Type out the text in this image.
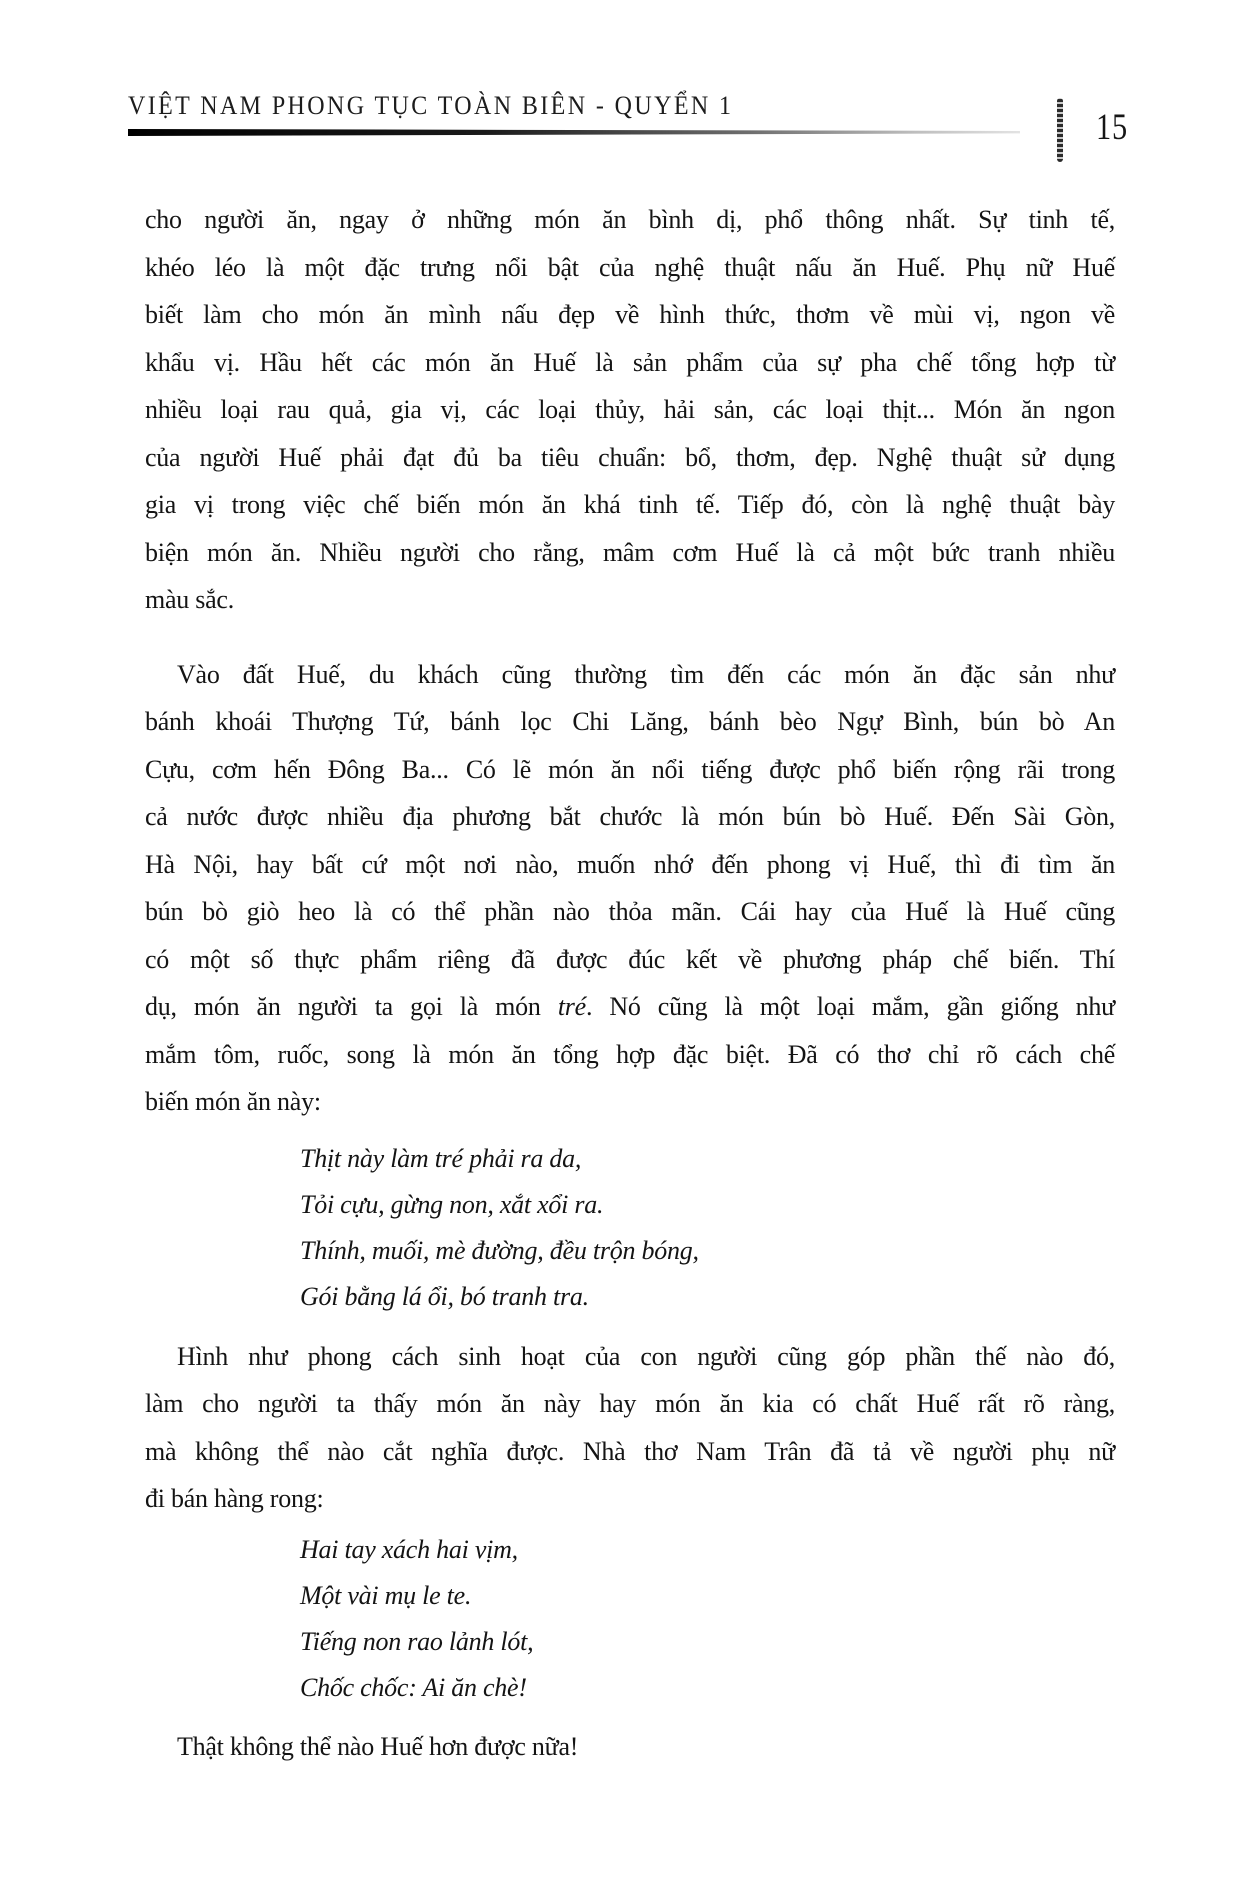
VIỆT NAM PHONG TỤC TOÀN BIÊN - QUYỂN 1
15
cho người ăn, ngay ở những món ăn bình dị, phổ thông nhất. Sự tinh tế,
khéo léo là một đặc trưng nổi bật của nghệ thuật nấu ăn Huế. Phụ nữ Huế
biết làm cho món ăn mình nấu đẹp về hình thức, thơm về mùi vị, ngon về
khẩu vị. Hầu hết các món ăn Huế là sản phẩm của sự pha chế tổng hợp từ
nhiều loại rau quả, gia vị, các loại thủy, hải sản, các loại thịt... Món ăn ngon
của người Huế phải đạt đủ ba tiêu chuẩn: bổ, thơm, đẹp. Nghệ thuật sử dụng
gia vị trong việc chế biến món ăn khá tinh tế. Tiếp đó, còn là nghệ thuật bày
biện món ăn. Nhiều người cho rằng, mâm cơm Huế là cả một bức tranh nhiều
màu sắc.
Vào đất Huế, du khách cũng thường tìm đến các món ăn đặc sản như
bánh khoái Thượng Tứ, bánh lọc Chi Lăng, bánh bèo Ngự Bình, bún bò An
Cựu, cơm hến Đông Ba... Có lẽ món ăn nổi tiếng được phổ biến rộng rãi trong
cả nước được nhiều địa phương bắt chước là món bún bò Huế. Đến Sài Gòn,
Hà Nội, hay bất cứ một nơi nào, muốn nhớ đến phong vị Huế, thì đi tìm ăn
bún bò giò heo là có thể phần nào thỏa mãn. Cái hay của Huế là Huế cũng
có một số thực phẩm riêng đã được đúc kết về phương pháp chế biến. Thí
dụ, món ăn người ta gọi là món tré. Nó cũng là một loại mắm, gần giống như
mắm tôm, ruốc, song là món ăn tổng hợp đặc biệt. Đã có thơ chỉ rõ cách chế
biến món ăn này:
Thịt này làm tré phải ra da,
Tỏi cựu, gừng non, xắt xổi ra.
Thính, muối, mè đường, đều trộn bóng,
Gói bằng lá ổi, bó tranh tra.
Hình như phong cách sinh hoạt của con người cũng góp phần thế nào đó,
làm cho người ta thấy món ăn này hay món ăn kia có chất Huế rất rõ ràng,
mà không thể nào cắt nghĩa được. Nhà thơ Nam Trân đã tả về người phụ nữ
đi bán hàng rong:
Hai tay xách hai vịm,
Một vài mụ le te.
Tiếng non rao lảnh lót,
Chốc chốc: Ai ăn chè!
Thật không thể nào Huế hơn được nữa!
